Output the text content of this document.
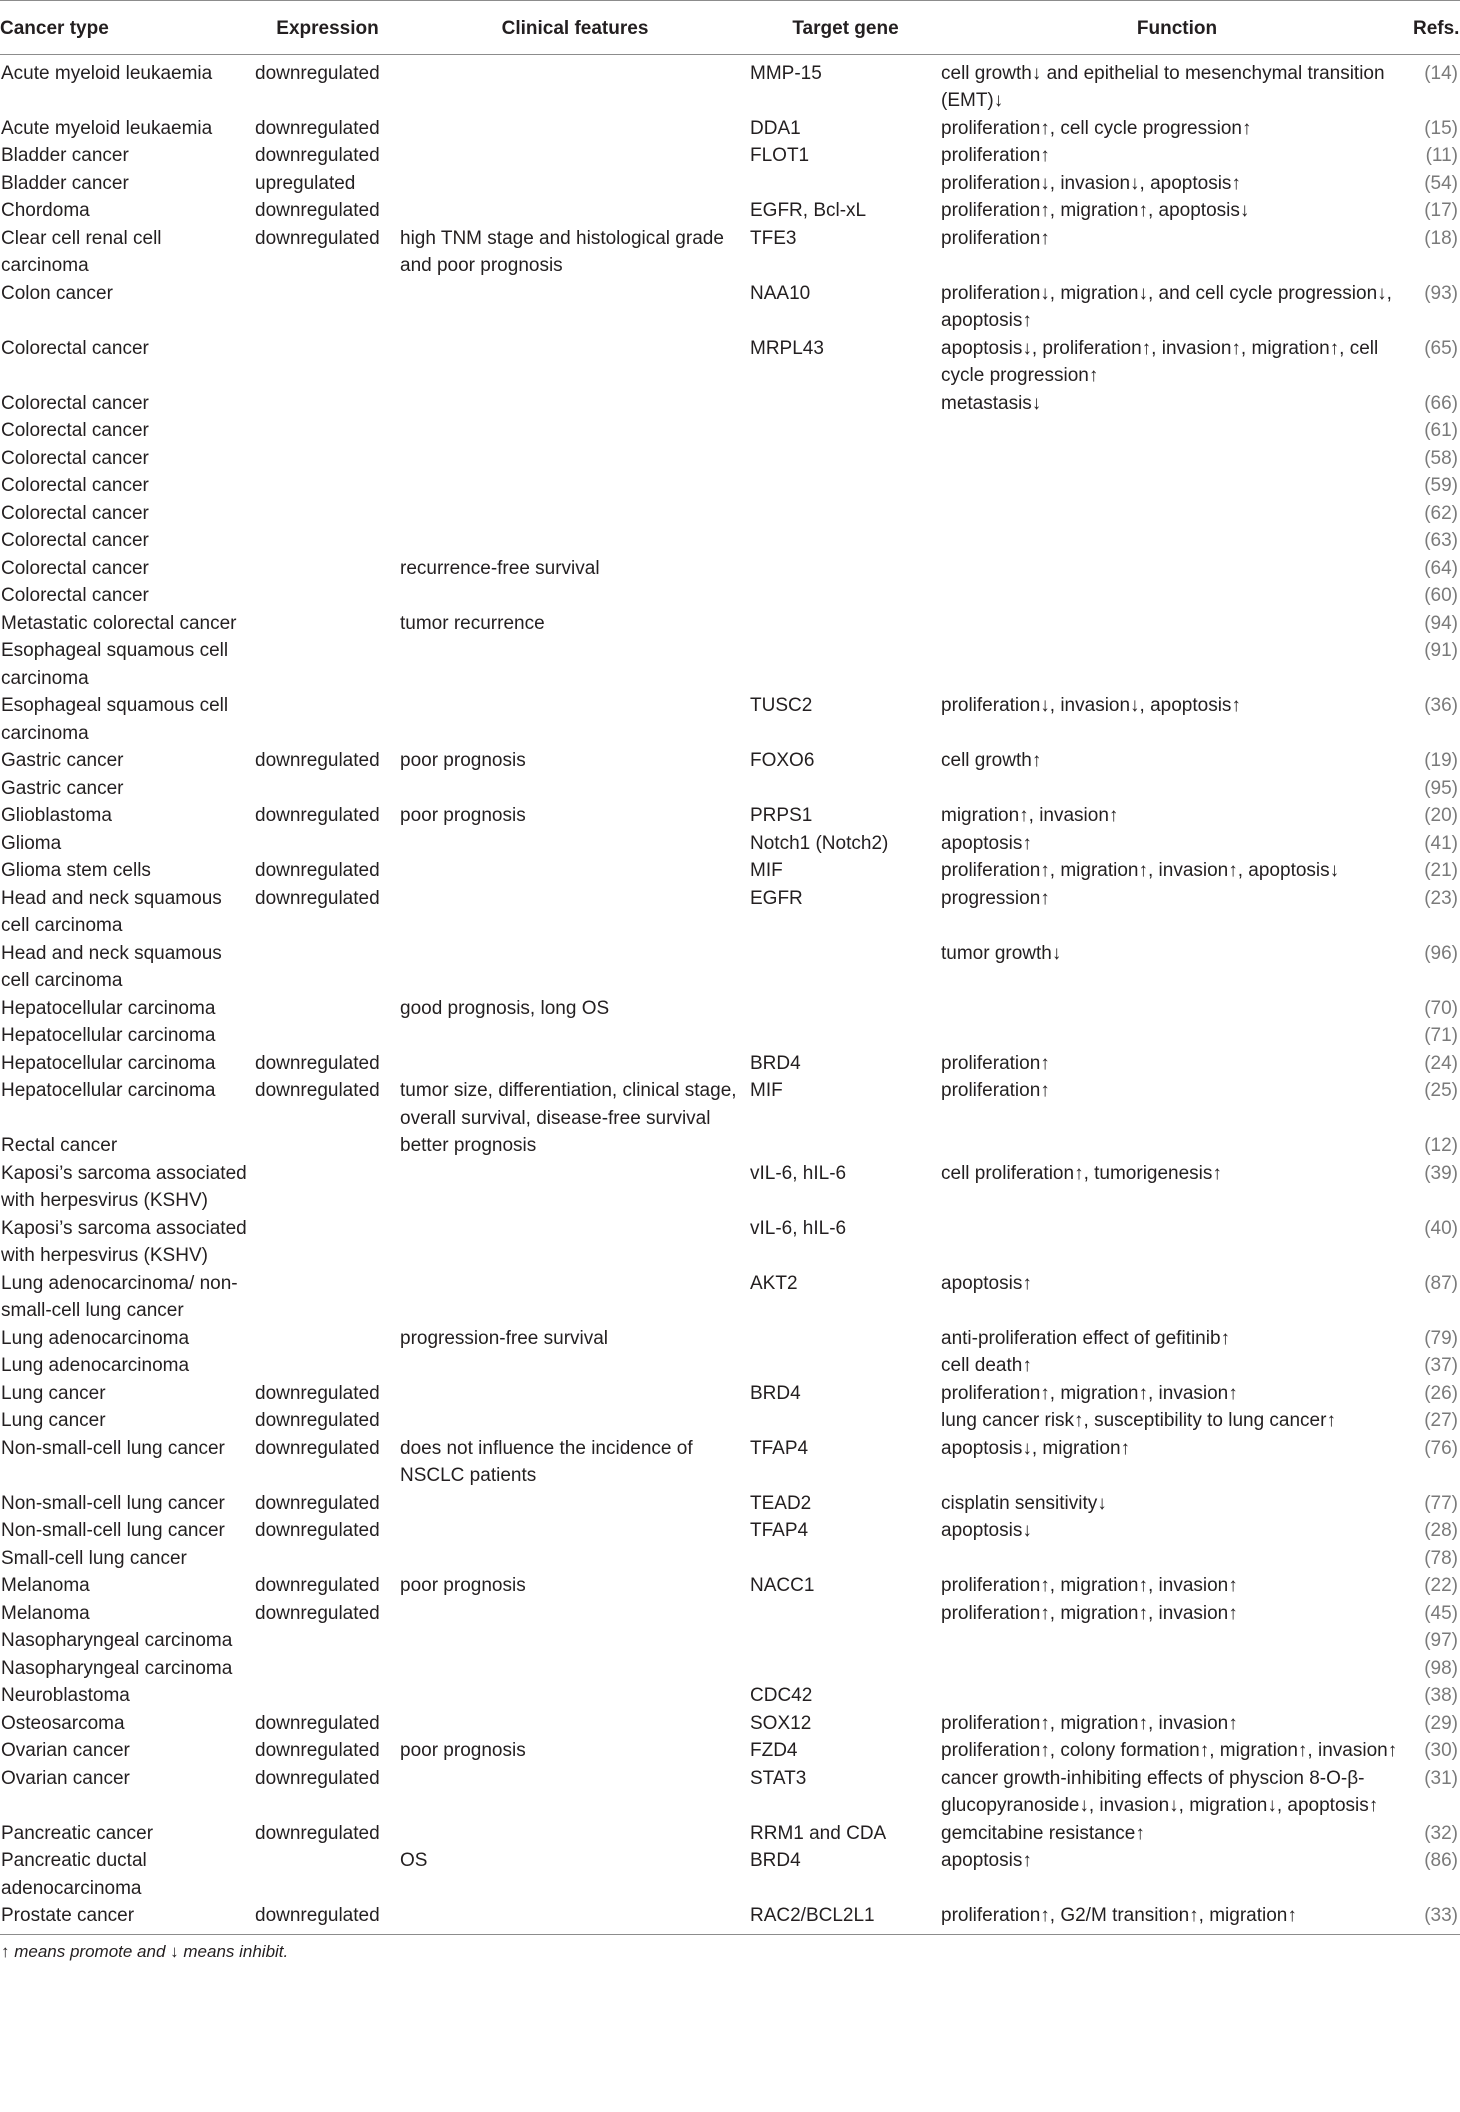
Cancer type	Expression	Clinical features	Target gene	Function	Refs.
Acute myeloid leukaemia	downregulated		MMP-15	cell growth↓ and epithelial to mesenchymal transition (EMT)↓	(14)
Acute myeloid leukaemia	downregulated		DDA1	proliferation↑, cell cycle progression↑	(15)
Bladder cancer	downregulated		FLOT1	proliferation↑	(11)
Bladder cancer	upregulated			proliferation↓, invasion↓, apoptosis↑	(54)
Chordoma	downregulated		EGFR, Bcl-xL	proliferation↑, migration↑, apoptosis↓	(17)
Clear cell renal cell carcinoma	downregulated	high TNM stage and histological grade and poor prognosis	TFE3	proliferation↑	(18)
Colon cancer			NAA10	proliferation↓, migration↓, and cell cycle progression↓, apoptosis↑	(93)
Colorectal cancer			MRPL43	apoptosis↓, proliferation↑, invasion↑, migration↑, cell cycle progression↑	(65)
Colorectal cancer				metastasis↓	(66)
Colorectal cancer					(61)
Colorectal cancer					(58)
Colorectal cancer					(59)
Colorectal cancer					(62)
Colorectal cancer					(63)
Colorectal cancer		recurrence-free survival			(64)
Colorectal cancer					(60)
Metastatic colorectal cancer		tumor recurrence			(94)
Esophageal squamous cell carcinoma					(91)
Esophageal squamous cell carcinoma			TUSC2	proliferation↓, invasion↓, apoptosis↑	(36)
Gastric cancer	downregulated	poor prognosis	FOXO6	cell growth↑	(19)
Gastric cancer					(95)
Glioblastoma	downregulated	poor prognosis	PRPS1	migration↑, invasion↑	(20)
Glioma			Notch1 (Notch2)	apoptosis↑	(41)
Glioma stem cells	downregulated		MIF	proliferation↑, migration↑, invasion↑, apoptosis↓	(21)
Head and neck squamous cell carcinoma	downregulated		EGFR	progression↑	(23)
Head and neck squamous cell carcinoma				tumor growth↓	(96)
Hepatocellular carcinoma		good prognosis, long OS			(70)
Hepatocellular carcinoma					(71)
Hepatocellular carcinoma	downregulated		BRD4	proliferation↑	(24)
Hepatocellular carcinoma	downregulated	tumor size, differentiation, clinical stage, overall survival, disease-free survival	MIF	proliferation↑	(25)
Rectal cancer		better prognosis			(12)
Kaposi’s sarcoma associated with herpesvirus (KSHV)			vIL-6, hIL-6	cell proliferation↑, tumorigenesis↑	(39)
Kaposi’s sarcoma associated with herpesvirus (KSHV)			vIL-6, hIL-6		(40)
Lung adenocarcinoma/ non-small-cell lung cancer			AKT2	apoptosis↑	(87)
Lung adenocarcinoma		progression-free survival		anti-proliferation effect of gefitinib↑	(79)
Lung adenocarcinoma				cell death↑	(37)
Lung cancer	downregulated		BRD4	proliferation↑, migration↑, invasion↑	(26)
Lung cancer	downregulated			lung cancer risk↑, susceptibility to lung cancer↑	(27)
Non-small-cell lung cancer	downregulated	does not influence the incidence of NSCLC patients	TFAP4	apoptosis↓, migration↑	(76)
Non-small-cell lung cancer	downregulated		TEAD2	cisplatin sensitivity↓	(77)
Non-small-cell lung cancer	downregulated		TFAP4	apoptosis↓	(28)
Small-cell lung cancer					(78)
Melanoma	downregulated	poor prognosis	NACC1	proliferation↑, migration↑, invasion↑	(22)
Melanoma	downregulated			proliferation↑, migration↑, invasion↑	(45)
Nasopharyngeal carcinoma					(97)
Nasopharyngeal carcinoma					(98)
Neuroblastoma			CDC42		(38)
Osteosarcoma	downregulated		SOX12	proliferation↑, migration↑, invasion↑	(29)
Ovarian cancer	downregulated	poor prognosis	FZD4	proliferation↑, colony formation↑, migration↑, invasion↑	(30)
Ovarian cancer	downregulated		STAT3	cancer growth-inhibiting effects of physcion 8-O-β-glucopyranoside↓, invasion↓, migration↓, apoptosis↑	(31)
Pancreatic cancer	downregulated		RRM1 and CDA	gemcitabine resistance↑	(32)
Pancreatic ductal adenocarcinoma		OS	BRD4	apoptosis↑	(86)
Prostate cancer	downregulated		RAC2/BCL2L1	proliferation↑, G2/M transition↑, migration↑	(33)
↑ means promote and ↓ means inhibit.
